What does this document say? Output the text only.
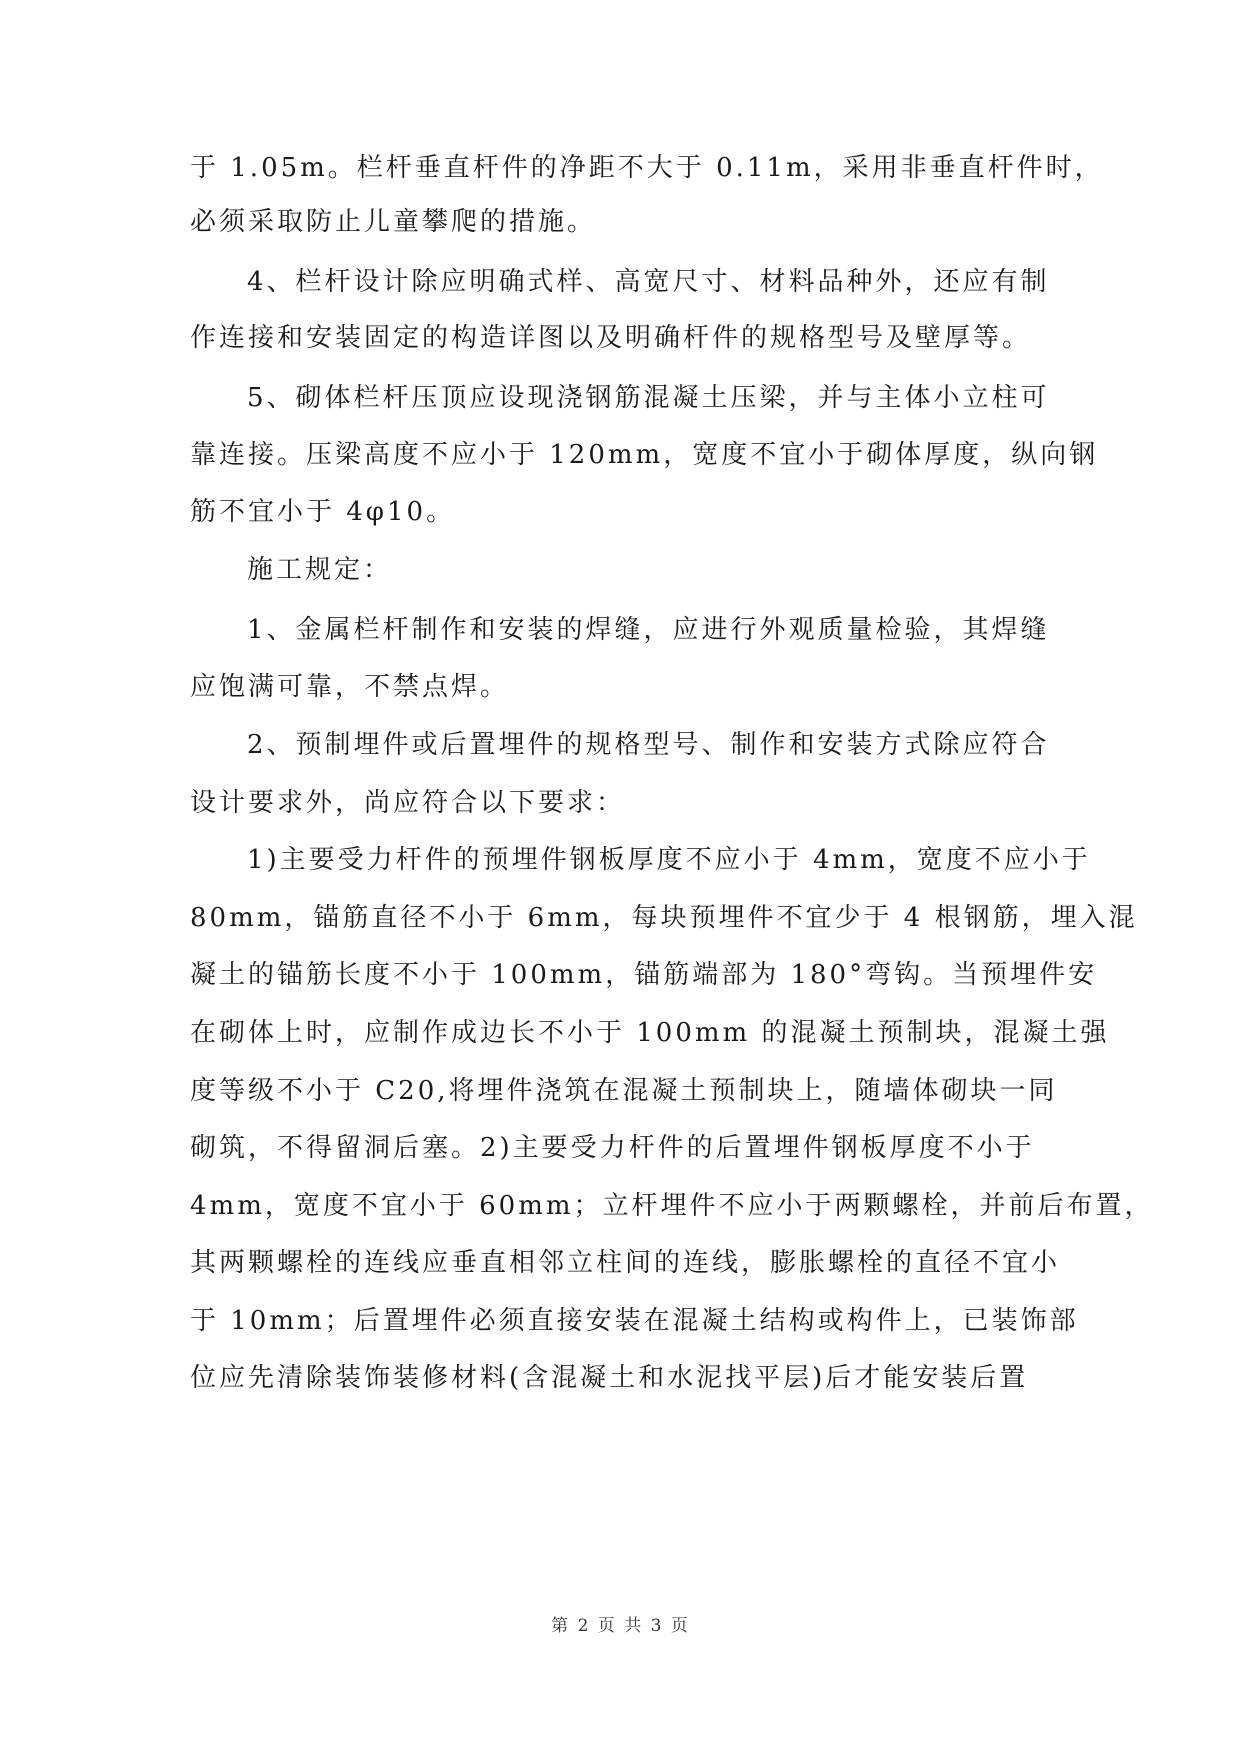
于 1.05m。栏杆垂直杆件的净距不大于 0.11m，采用非垂直杆件时，
必须采取防止儿童攀爬的措施。
4、栏杆设计除应明确式样、高宽尺寸、材料品种外，还应有制
作连接和安装固定的构造详图以及明确杆件的规格型号及壁厚等。
5、砌体栏杆压顶应设现浇钢筋混凝土压梁，并与主体小立柱可
靠连接。压梁高度不应小于 120mm，宽度不宜小于砌体厚度，纵向钢
筋不宜小于 4φ10。
施工规定：
1、金属栏杆制作和安装的焊缝，应进行外观质量检验，其焊缝
应饱满可靠，不禁点焊。
2、预制埋件或后置埋件的规格型号、制作和安装方式除应符合
设计要求外，尚应符合以下要求：
1)主要受力杆件的预埋件钢板厚度不应小于 4mm，宽度不应小于
80mm，锚筋直径不小于 6mm，每块预埋件不宜少于 4 根钢筋，埋入混
凝土的锚筋长度不小于 100mm，锚筋端部为 180°弯钩。当预埋件安
在砌体上时，应制作成边长不小于 100mm 的混凝土预制块，混凝土强
度等级不小于 C20,将埋件浇筑在混凝土预制块上，随墙体砌块一同
砌筑，不得留洞后塞。2)主要受力杆件的后置埋件钢板厚度不小于
4mm，宽度不宜小于 60mm；立杆埋件不应小于两颗螺栓，并前后布置，
其两颗螺栓的连线应垂直相邻立柱间的连线，膨胀螺栓的直径不宜小
于 10mm；后置埋件必须直接安装在混凝土结构或构件上，已装饰部
位应先清除装饰装修材料(含混凝土和水泥找平层)后才能安装后置
第 2 页 共 3 页
